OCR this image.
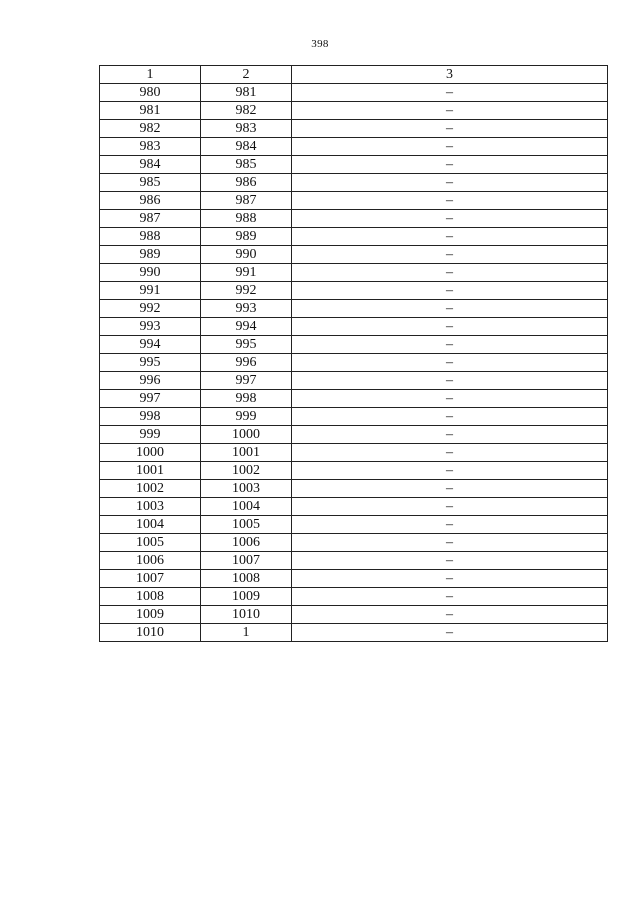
398
1	2	3
980	981	–
981	982	–
982	983	–
983	984	–
984	985	–
985	986	–
986	987	–
987	988	–
988	989	–
989	990	–
990	991	–
991	992	–
992	993	–
993	994	–
994	995	–
995	996	–
996	997	–
997	998	–
998	999	–
999	1000	–
1000	1001	–
1001	1002	–
1002	1003	–
1003	1004	–
1004	1005	–
1005	1006	–
1006	1007	–
1007	1008	–
1008	1009	–
1009	1010	–
1010	1	–
